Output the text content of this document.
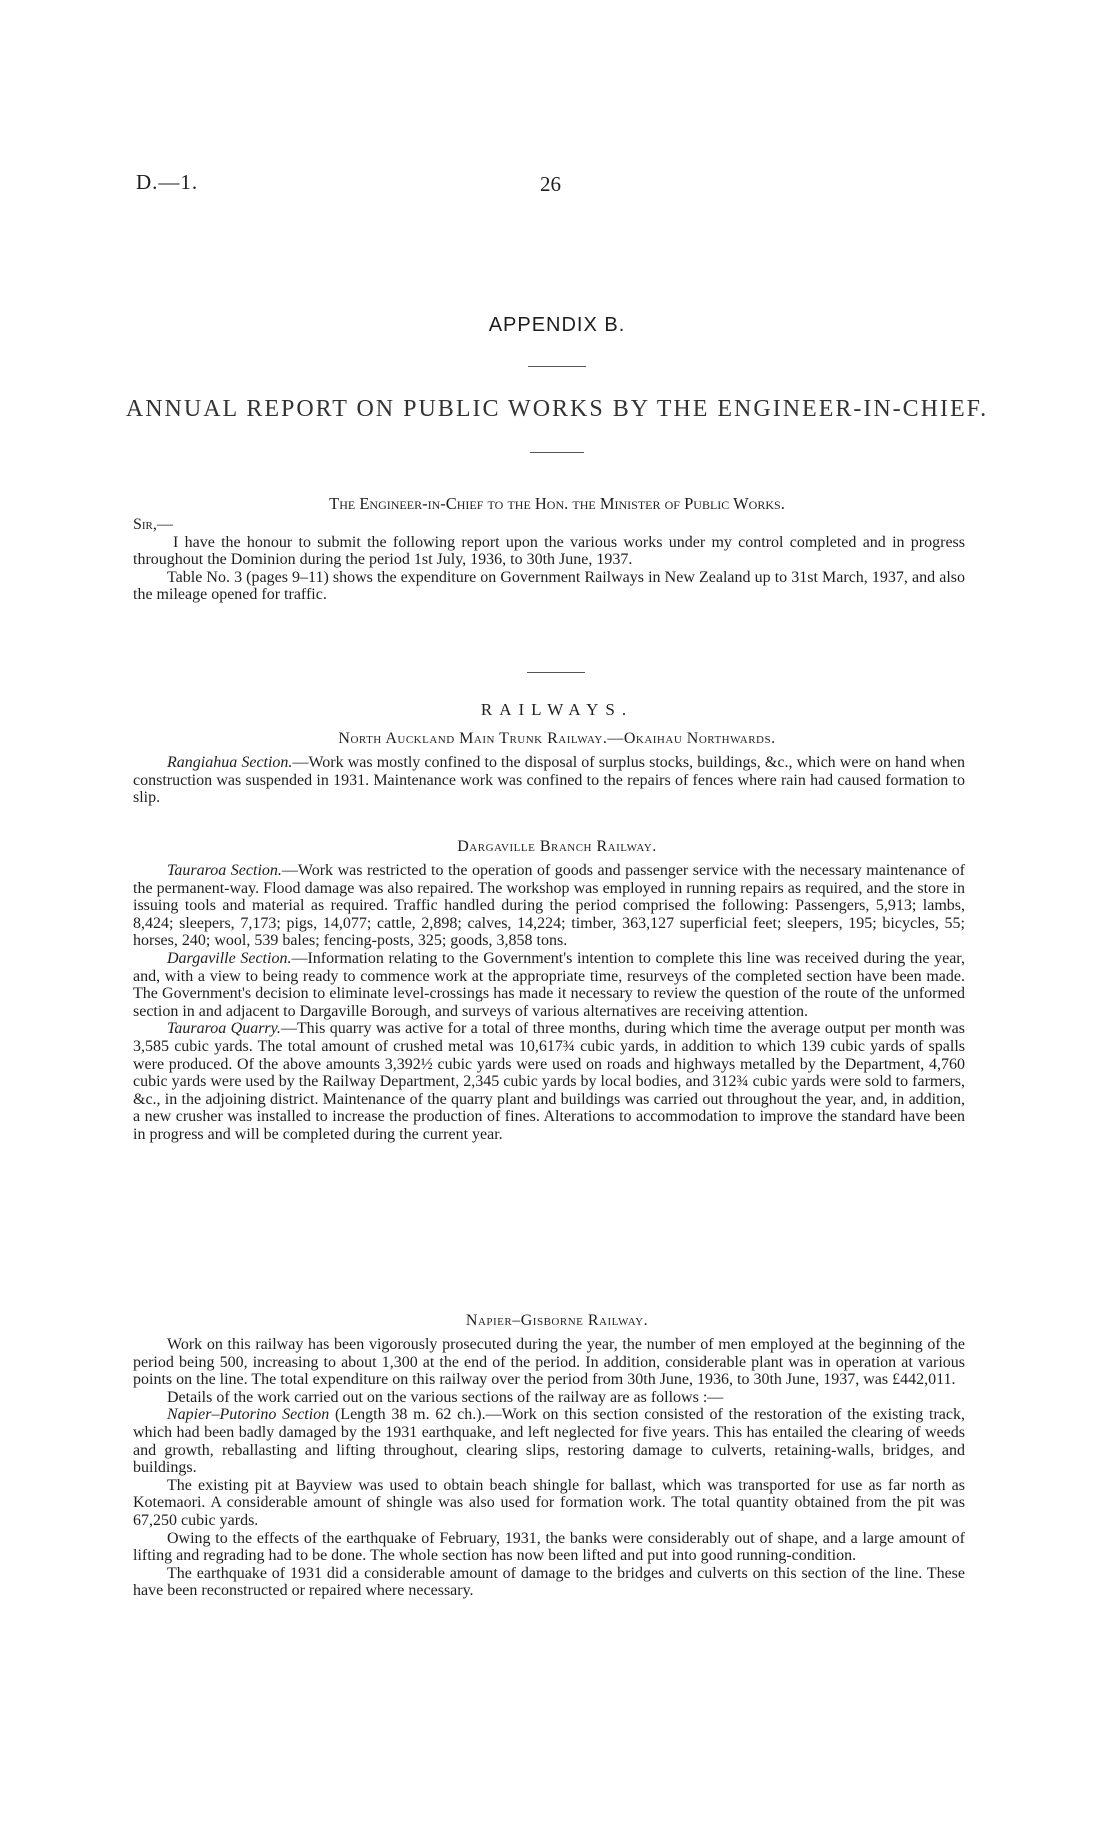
D.—1.	26
APPENDIX B.
ANNUAL REPORT ON PUBLIC WORKS BY THE ENGINEER-IN-CHIEF.
The Engineer-in-Chief to the Hon. the Minister of Public Works.

Sir,—

I have the honour to submit the following report upon the various works under my control completed and in progress throughout the Dominion during the period 1st July, 1936, to 30th June, 1937.

Table No. 3 (pages 9–11) shows the expenditure on Government Railways in New Zealand up to 31st March, 1937, and also the mileage opened for traffic.

RAILWAYS.
North Auckland Main Trunk Railway.—Okaihau Northwards.

Rangiahua Section.—Work was mostly confined to the disposal of surplus stocks, buildings, &c., which were on hand when construction was suspended in 1931. Maintenance work was confined to the repairs of fences where rain had caused formation to slip.

Dargaville Branch Railway.

Tauraroa Section.—Work was restricted to the operation of goods and passenger service with the necessary maintenance of the permanent-way. Flood damage was also repaired. The workshop was employed in running repairs as required, and the store in issuing tools and material as required. Traffic handled during the period comprised the following: Passengers, 5,913; lambs, 8,424; sleepers, 7,173; pigs, 14,077; cattle, 2,898; calves, 14,224; timber, 363,127 superficial feet; sleepers, 195; bicycles, 55; horses, 240; wool, 539 bales; fencing-posts, 325; goods, 3,858 tons.

Dargaville Section.—Information relating to the Government's intention to complete this line was received during the year, and, with a view to being ready to commence work at the appropriate time, resurveys of the completed section have been made. The Government's decision to eliminate level-crossings has made it necessary to review the question of the route of the unformed section in and adjacent to Dargaville Borough, and surveys of various alternatives are receiving attention.

Tauraroa Quarry.—This quarry was active for a total of three months, during which time the average output per month was 3,585 cubic yards. The total amount of crushed metal was 10,617¾ cubic yards, in addition to which 139 cubic yards of spalls were produced. Of the above amounts 3,392½ cubic yards were used on roads and highways metalled by the Department, 4,760 cubic yards were used by the Railway Department, 2,345 cubic yards by local bodies, and 312¾ cubic yards were sold to farmers, &c., in the adjoining district. Maintenance of the quarry plant and buildings was carried out throughout the year, and, in addition, a new crusher was installed to increase the production of fines. Alterations to accommodation to improve the standard have been in progress and will be completed during the current year.

Napier–Gisborne Railway.

Work on this railway has been vigorously prosecuted during the year, the number of men employed at the beginning of the period being 500, increasing to about 1,300 at the end of the period. In addition, considerable plant was in operation at various points on the line. The total expenditure on this railway over the period from 30th June, 1936, to 30th June, 1937, was £442,011.

Details of the work carried out on the various sections of the railway are as follows :—

Napier–Putorino Section (Length 38 m. 62 ch.).—Work on this section consisted of the restoration of the existing track, which had been badly damaged by the 1931 earthquake, and left neglected for five years. This has entailed the clearing of weeds and growth, reballasting and lifting throughout, clearing slips, restoring damage to culverts, retaining-walls, bridges, and buildings.

The existing pit at Bayview was used to obtain beach shingle for ballast, which was transported for use as far north as Kotemaori. A considerable amount of shingle was also used for formation work. The total quantity obtained from the pit was 67,250 cubic yards.

Owing to the effects of the earthquake of February, 1931, the banks were considerably out of shape, and a large amount of lifting and regrading had to be done. The whole section has now been lifted and put into good running-condition.

The earthquake of 1931 did a considerable amount of damage to the bridges and culverts on this section of the line. These have been reconstructed or repaired where necessary.
